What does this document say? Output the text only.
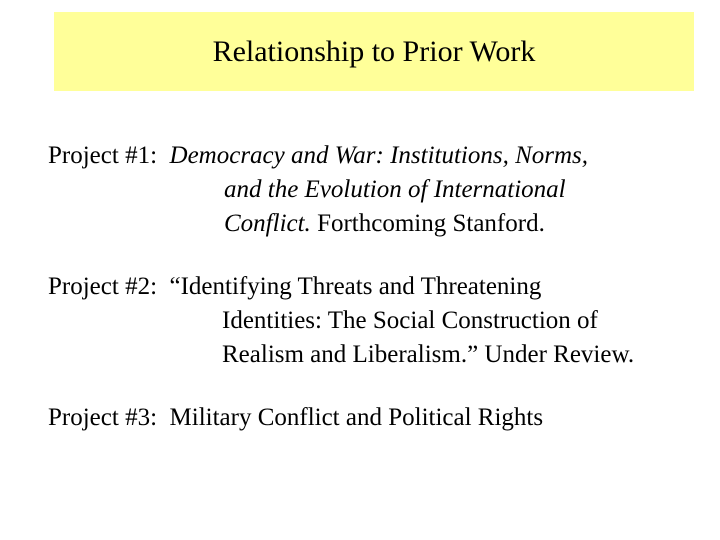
Relationship to Prior Work
Project #1: Democracy and War: Institutions, Norms,
and the Evolution of International
Conflict. Forthcoming Stanford.
Project #2: “Identifying Threats and Threatening
Identities: The Social Construction of
Realism and Liberalism.” Under Review.
Project #3: Military Conflict and Political Rights
